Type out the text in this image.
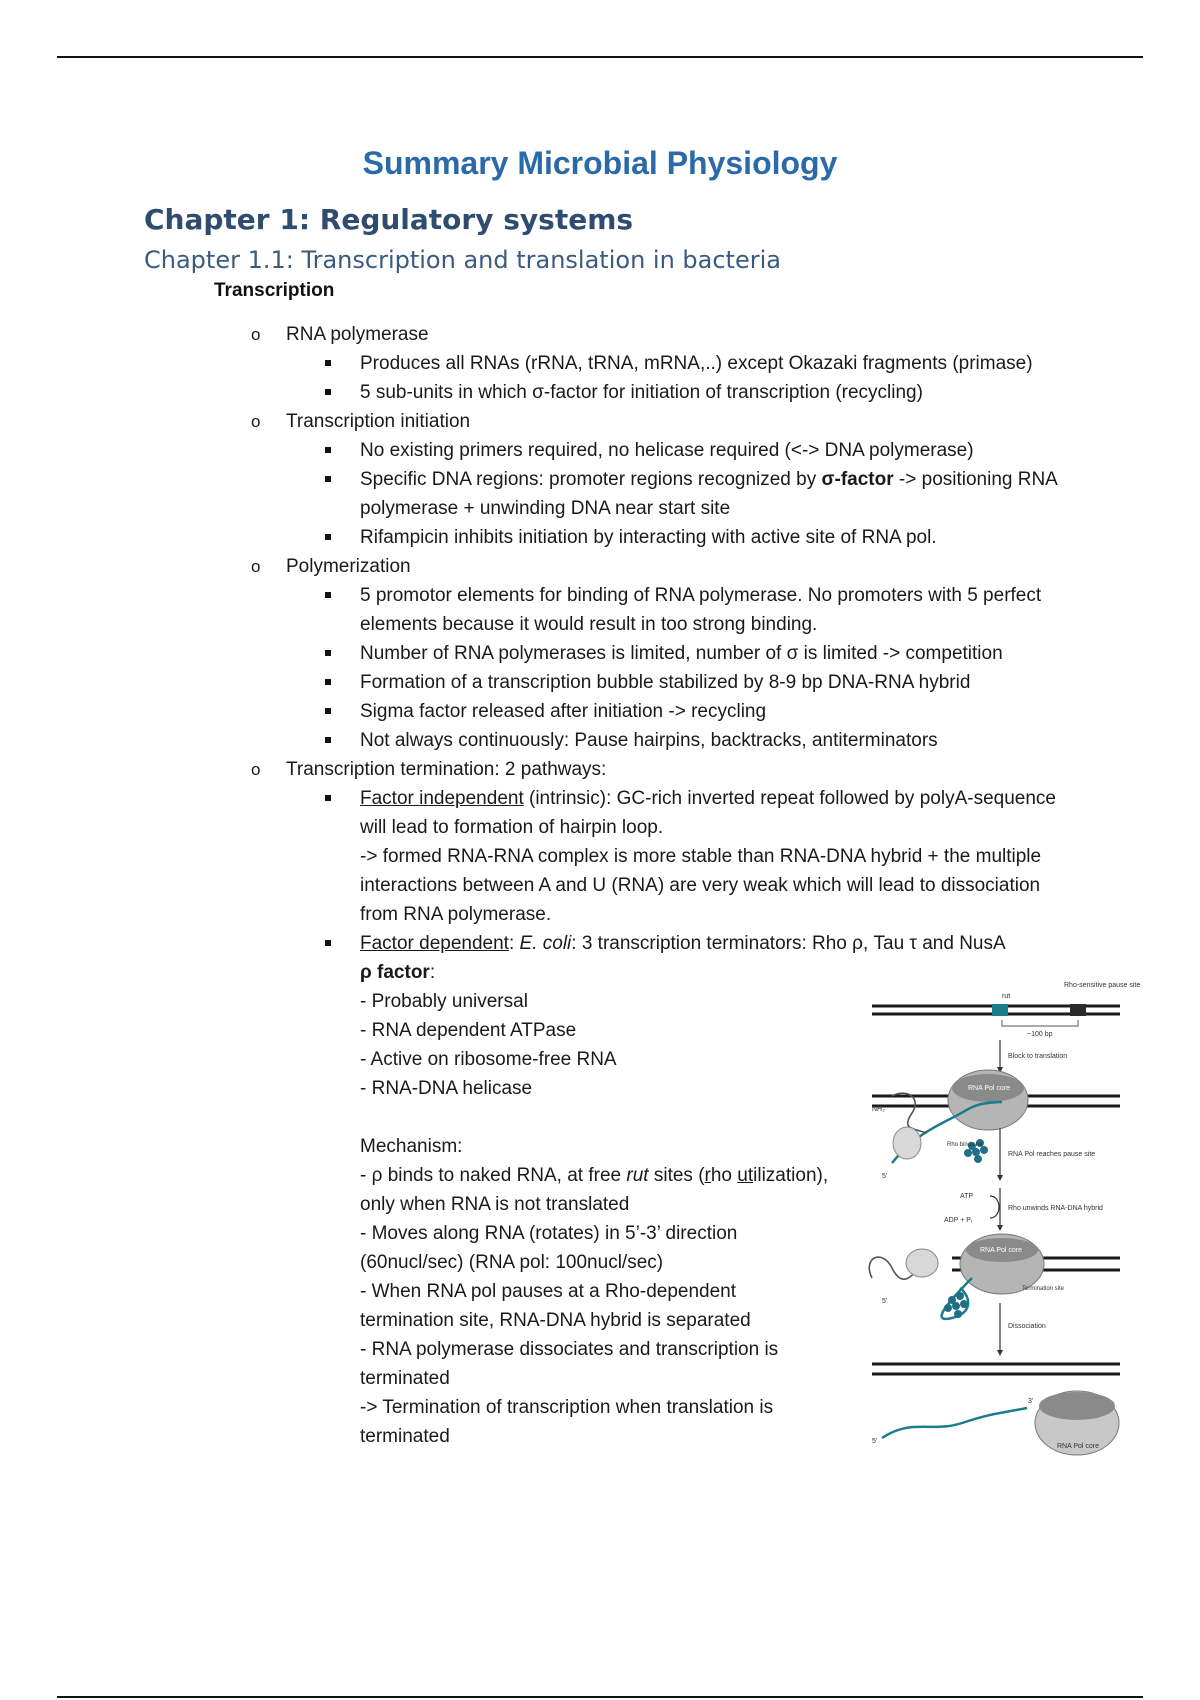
Summary Microbial Physiology
Chapter 1: Regulatory systems
Chapter 1.1: Transcription and translation in bacteria
Transcription
o RNA polymerase
Produces all RNAs (rRNA, tRNA, mRNA,..) except Okazaki fragments (primase)
5 sub-units in which σ-factor for initiation of transcription (recycling)
o Transcription initiation
No existing primers required, no helicase required (<-> DNA polymerase)
Specific DNA regions: promoter regions recognized by σ-factor -> positioning RNA polymerase + unwinding DNA near start site
Rifampicin inhibits initiation by interacting with active site of RNA pol.
o Polymerization
5 promotor elements for binding of RNA polymerase. No promoters with 5 perfect elements because it would result in too strong binding.
Number of RNA polymerases is limited, number of σ is limited -> competition
Formation of a transcription bubble stabilized by 8-9 bp DNA-RNA hybrid
Sigma factor released after initiation -> recycling
Not always continuously: Pause hairpins, backtracks, antiterminators
o Transcription termination: 2 pathways:
Factor independent (intrinsic): GC-rich inverted repeat followed by polyA-sequence will lead to formation of hairpin loop.
-> formed RNA-RNA complex is more stable than RNA-DNA hybrid + the multiple interactions between A and U (RNA) are very weak which will lead to dissociation from RNA polymerase.
Factor dependent: E. coli: 3 transcription terminators: Rho ρ, Tau τ and NusA
ρ factor:
- Probably universal
- RNA dependent ATPase
- Active on ribosome-free RNA
- RNA-DNA helicase
Mechanism:
- ρ binds to naked RNA, at free rut sites (rho utilization), only when RNA is not translated
- Moves along RNA (rotates) in 5’-3’ direction (60nucl/sec) (RNA pol: 100nucl/sec)
- When RNA pol pauses at a Rho-dependent termination site, RNA-DNA hybrid is separated
- RNA polymerase dissociates and transcription is terminated
-> Termination of transcription when translation is terminated
rut
Rho-sensitive pause site
~100 bp
Block to translation
RNA Pol core
NH₂
Rho binds rut
5'
RNA Pol reaches pause site
ATP
ADP + Pᵢ
Rho unwinds RNA-DNA hybrid
RNA Pol core
Termination site
5'
Dissociation
RNA Pol core
5'
3'
